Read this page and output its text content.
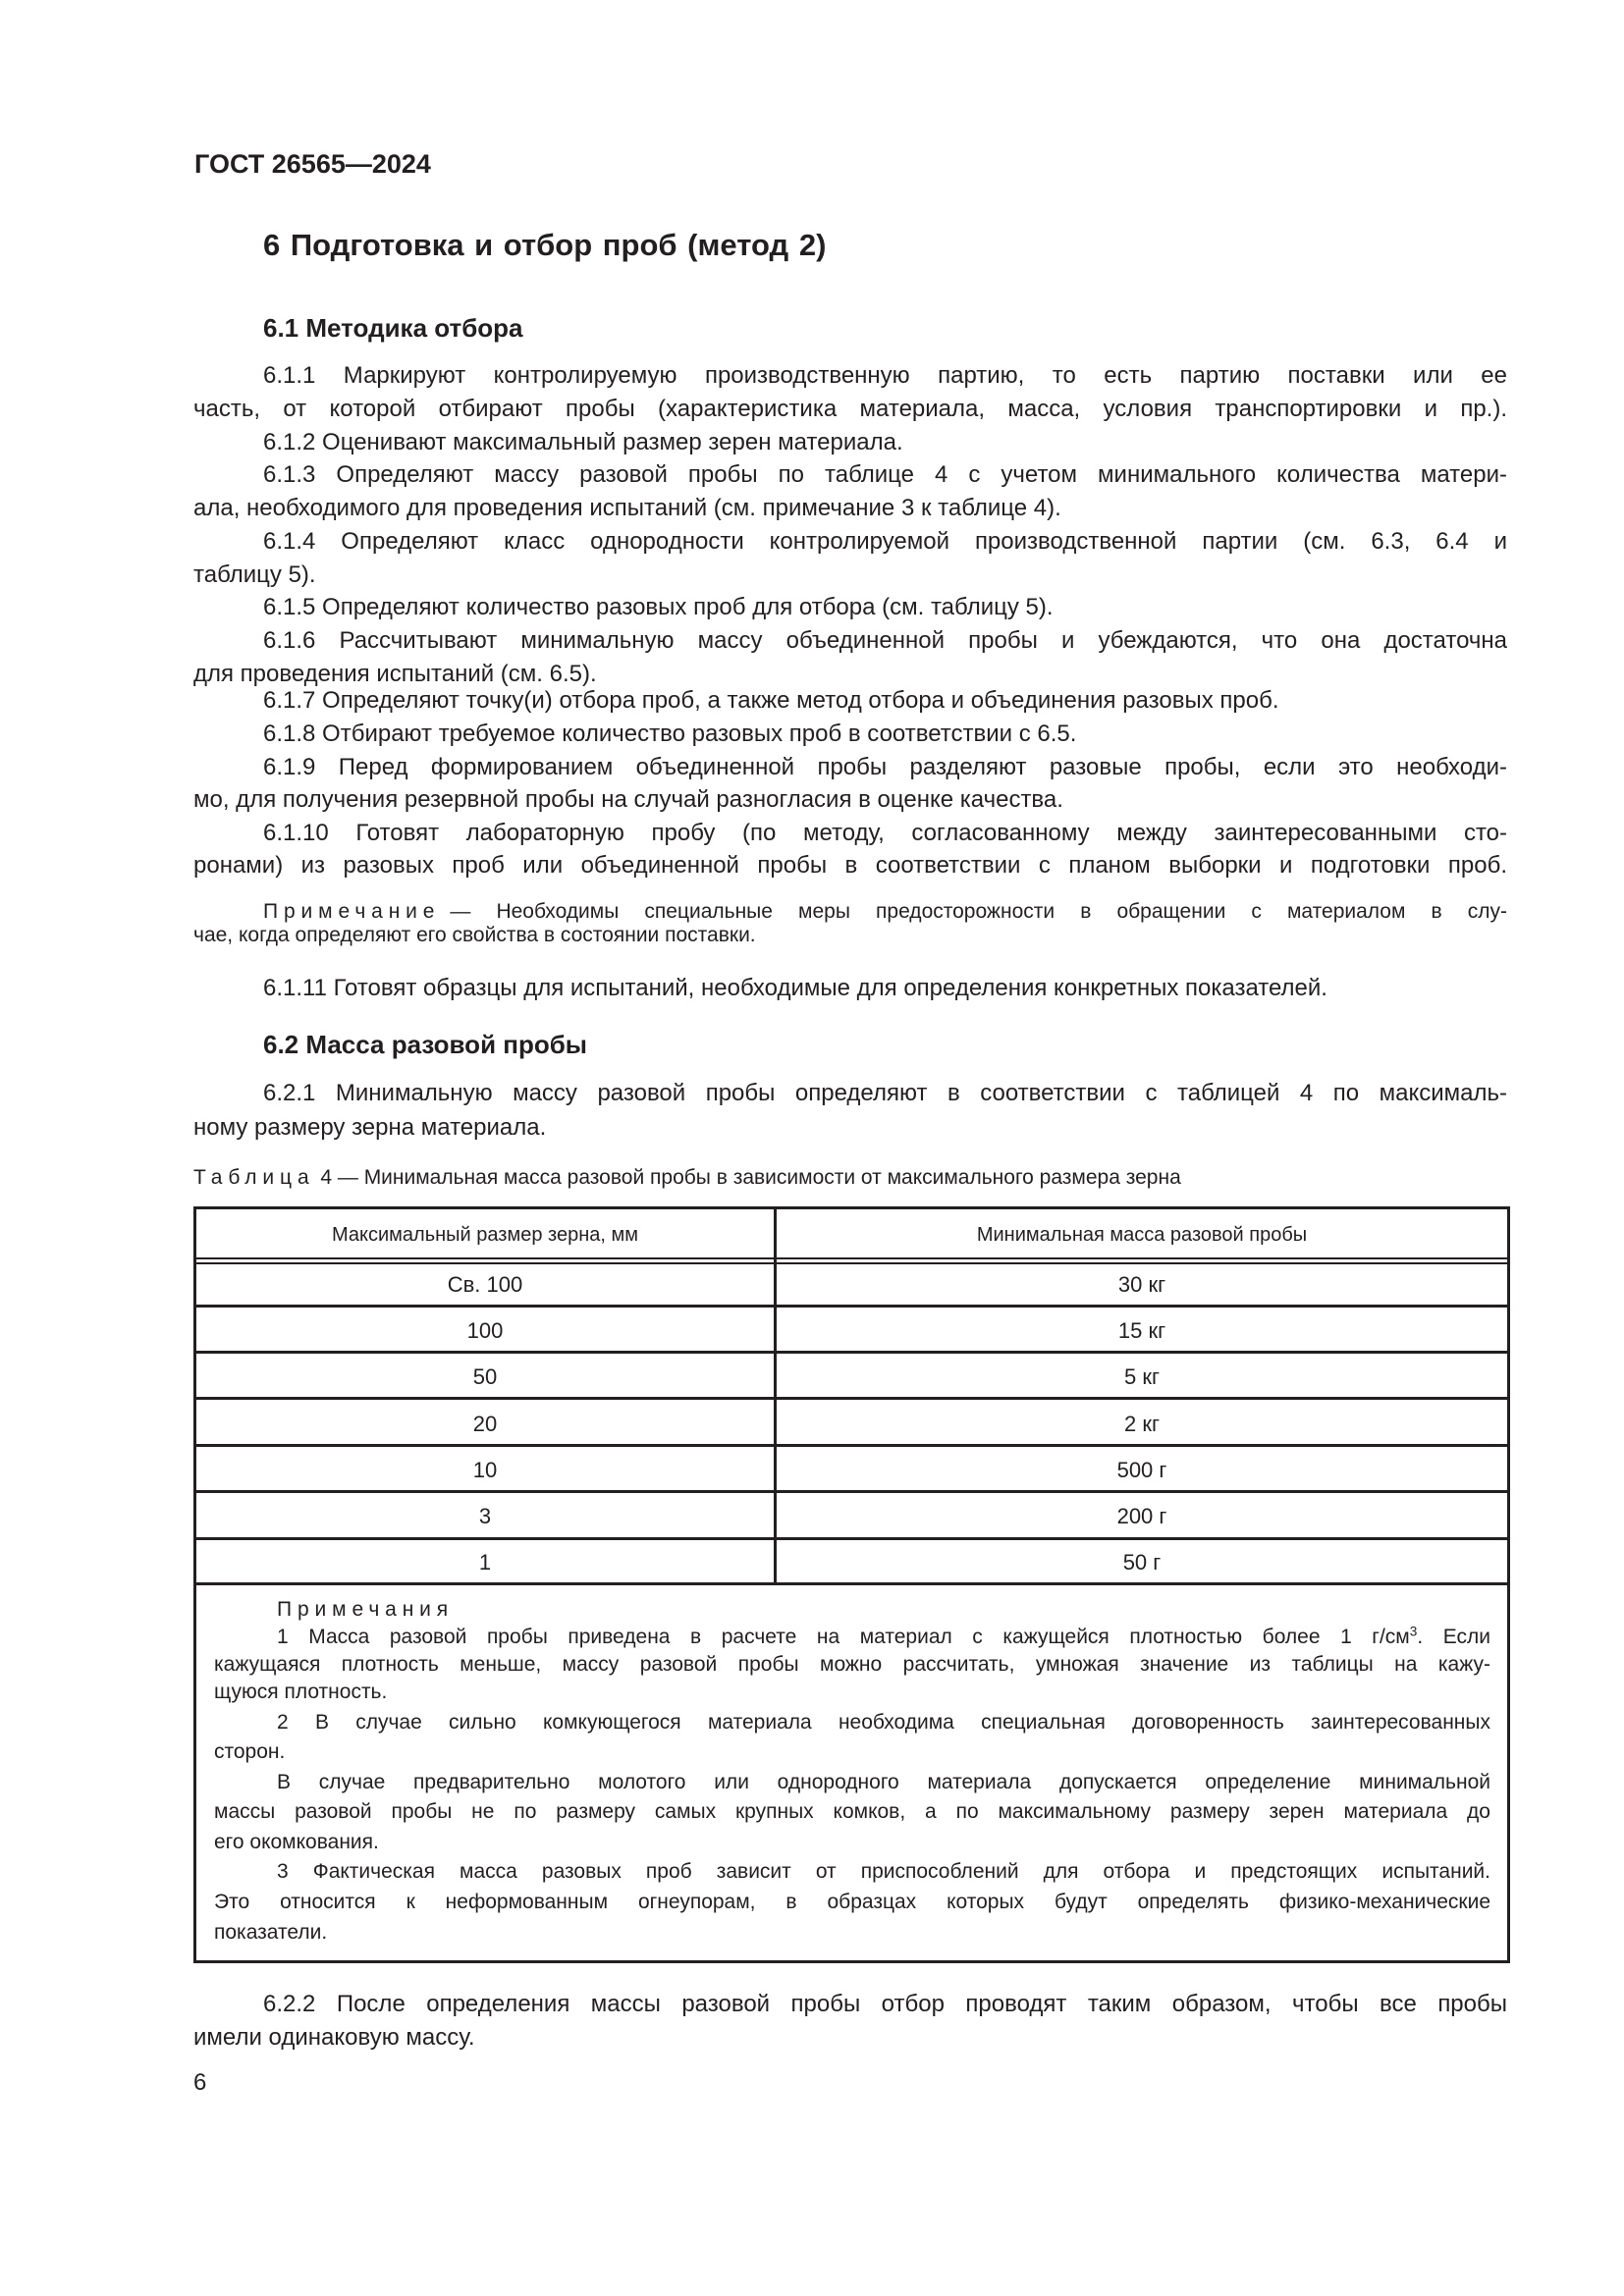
ГОСТ 26565—2024
6 Подготовка и отбор проб (метод 2)
6.1 Методика отбора
6.1.1 Маркируют контролируемую производственную партию, то есть партию поставки или ее
часть, от которой отбирают пробы (характеристика материала, масса, условия транспортировки и пр.).
6.1.2 Оценивают максимальный размер зерен материала.
6.1.3 Определяют массу разовой пробы по таблице 4 с учетом минимального количества матери-
ала, необходимого для проведения испытаний (см. примечание 3 к таблице 4).
6.1.4 Определяют класс однородности контролируемой производственной партии (см. 6.3, 6.4 и
таблицу 5).
6.1.5 Определяют количество разовых проб для отбора (см. таблицу 5).
6.1.6 Рассчитывают минимальную массу объединенной пробы и убеждаются, что она достаточна
для проведения испытаний (см. 6.5).
6.1.7 Определяют точку(и) отбора проб, а также метод отбора и объединения разовых проб.
6.1.8 Отбирают требуемое количество разовых проб в соответствии с 6.5.
6.1.9 Перед формированием объединенной пробы разделяют разовые пробы, если это необходи-
мо, для получения резервной пробы на случай разногласия в оценке качества.
6.1.10 Готовят лабораторную пробу (по методу, согласованному между заинтересованными сто-
ронами) из разовых проб или объединенной пробы в соответствии с планом выборки и подготовки проб.
Примечание — Необходимы специальные меры предосторожности в обращении с материалом в слу-
чае, когда определяют его свойства в состоянии поставки.
6.1.11 Готовят образцы для испытаний, необходимые для определения конкретных показателей.
6.2 Масса разовой пробы
6.2.1 Минимальную массу разовой пробы определяют в соответствии с таблицей 4 по максималь-
ному размеру зерна материала.
Таблица 4 — Минимальная масса разовой пробы в зависимости от максимального размера зерна
Максимальный размер зерна, мм	Минимальная масса разовой пробы
Св. 100	30 кг
100	15 кг
50	5 кг
20	2 кг
10	500 г
3	200 г
1	50 г
Примечания
1 Масса разовой пробы приведена в расчете на материал с кажущейся плотностью более 1 $г/см^3$. Если
кажущаяся плотность меньше, массу разовой пробы можно рассчитать, умножая значение из таблицы на кажу-
щуюся плотность.
2 В случае сильно комкующегося материала необходима специальная договоренность заинтересованных
сторон.
В случае предварительно молотого или однородного материала допускается определение минимальной
массы разовой пробы не по размеру самых крупных комков, а по максимальному размеру зерен материала до
его окомкования.
3 Фактическая масса разовых проб зависит от приспособлений для отбора и предстоящих испытаний.
Это относится к неформованным огнеупорам, в образцах которых будут определять физико-механические
показатели.
6.2.2 После определения массы разовой пробы отбор проводят таким образом, чтобы все пробы
имели одинаковую массу.
6
